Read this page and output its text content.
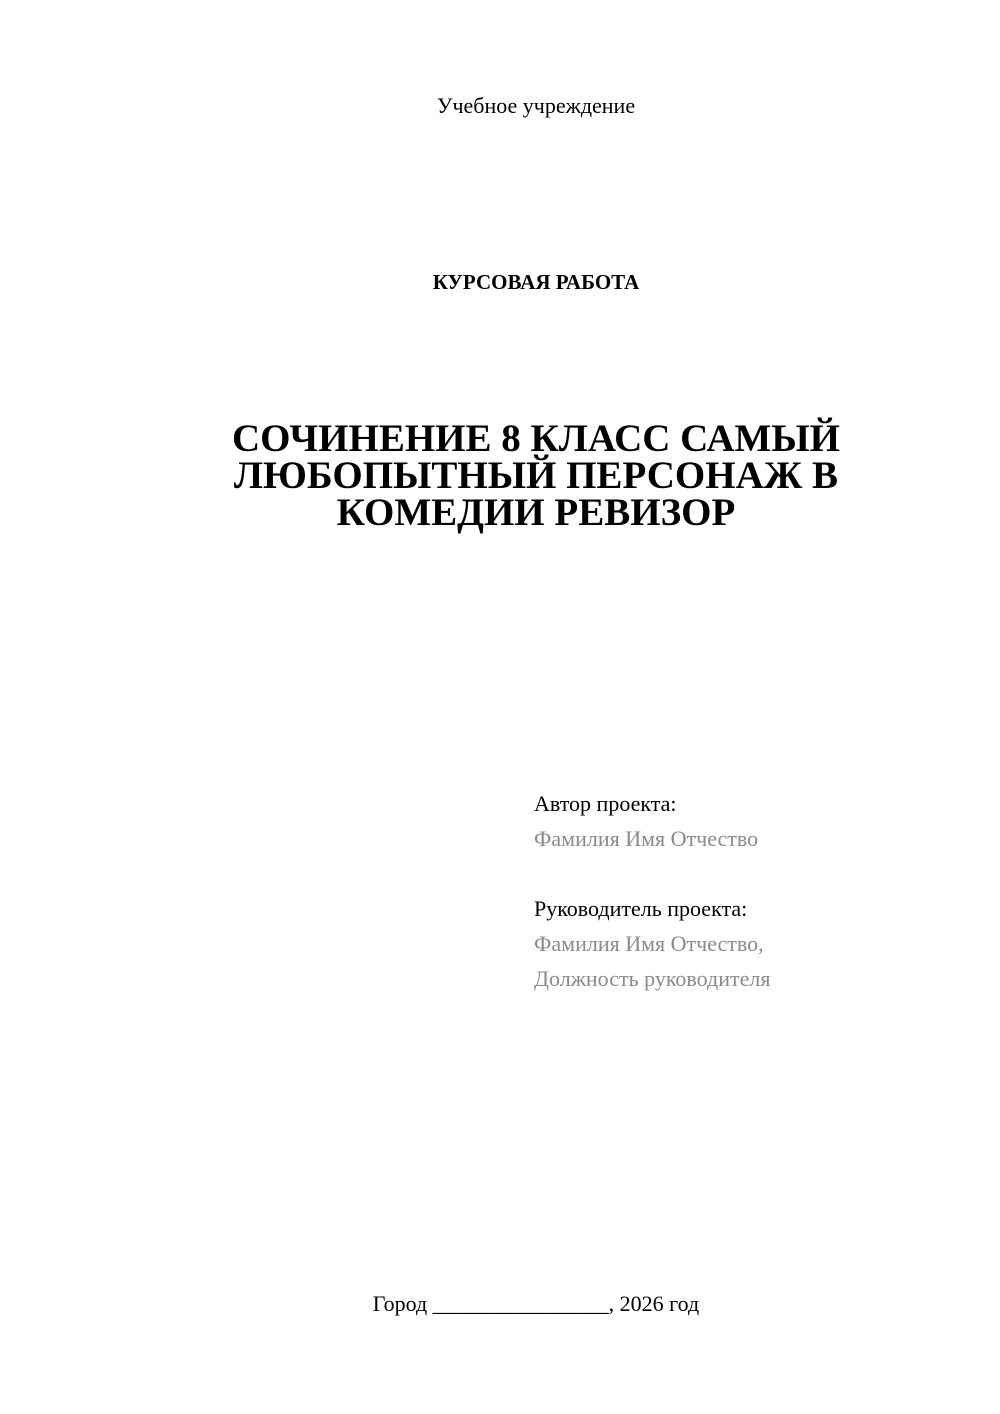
Учебное учреждение
КУРСОВАЯ РАБОТА
СОЧИНЕНИЕ 8 КЛАСС САМЫЙ ЛЮБОПЫТНЫЙ ПЕРСОНАЖ В КОМЕДИИ РЕВИЗОР
Автор проекта:
Фамилия Имя Отчество
Руководитель проекта:
Фамилия Имя Отчество,
Должность руководителя
Город ________________, 2026 год
